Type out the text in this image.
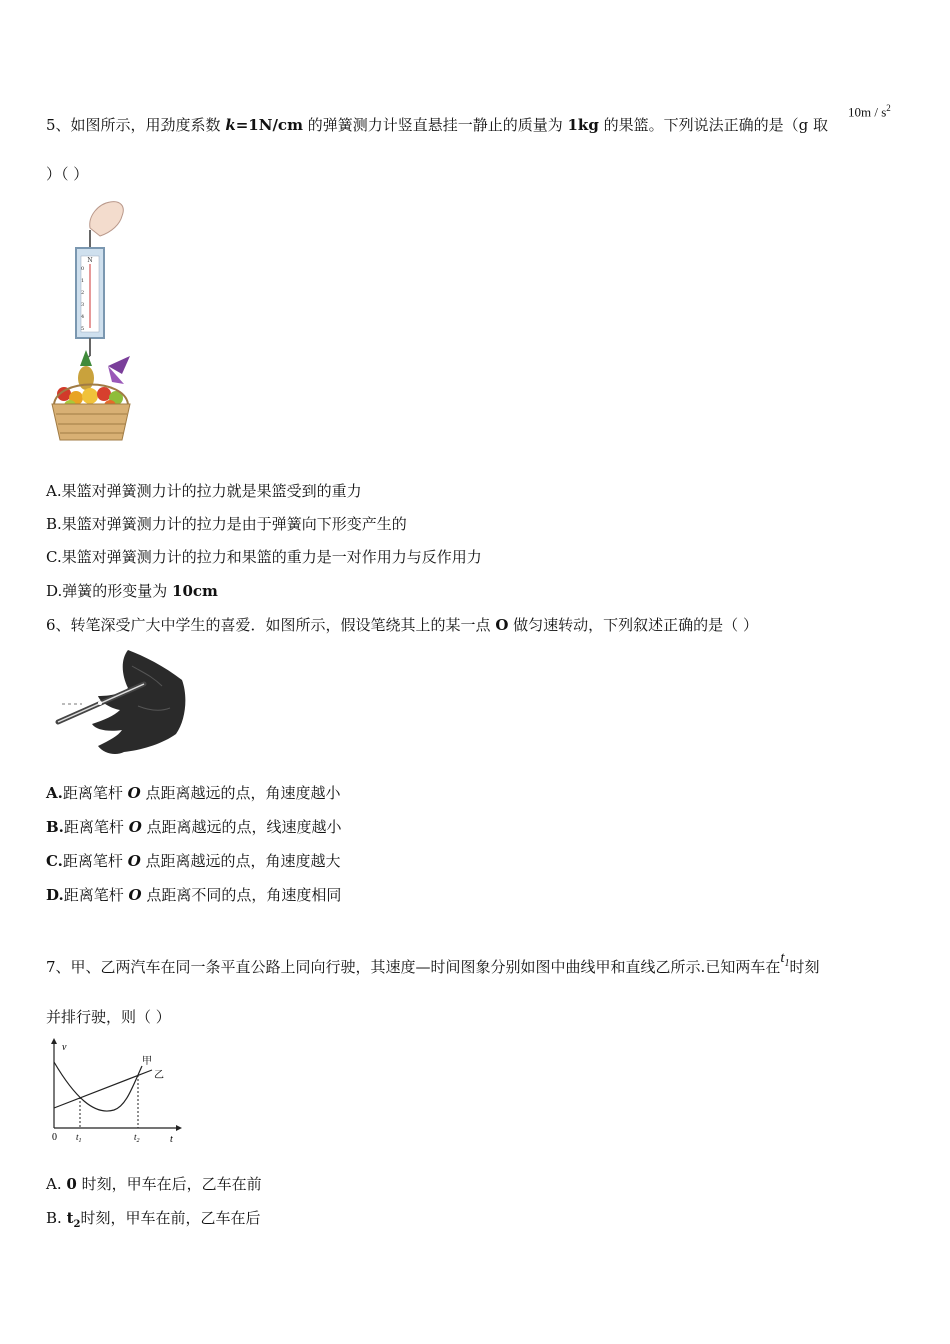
5、如图所示，用劲度系数 k=1N/cm 的弹簧测力计竖直悬挂一静止的质量为 1kg 的果篮。下列说法正确的是（g 取
$10m / s^2$
）（ ）
N
0
1
2
3
4
5
A.果篮对弹簧测力计的拉力就是果篮受到的重力
B.果篮对弹簧测力计的拉力是由于弹簧向下形变产生的
C.果篮对弹簧测力计的拉力和果篮的重力是一对作用力与反作用力
D.弹簧的形变量为 10cm
6、转笔深受广大中学生的喜爱．如图所示，假设笔绕其上的某一点 O 做匀速转动，下列叙述正确的是（ ）
A.距离笔杆 O 点距离越远的点，角速度越小
B.距离笔杆 O 点距离越远的点，线速度越小
C.距离笔杆 O 点距离越远的点，角速度越大
D.距离笔杆 O 点距离不同的点，角速度相同
7、甲、乙两汽车在同一条平直公路上同向行驶，其速度—时间图象分别如图中曲线甲和直线乙所示.已知两车在$t_1$时刻
并排行驶，则（ ）
v
t
0 $t_1$	$t_2$
甲
乙
A. 0 时刻，甲车在后，乙车在前
B. $t_2$时刻，甲车在前，乙车在后
